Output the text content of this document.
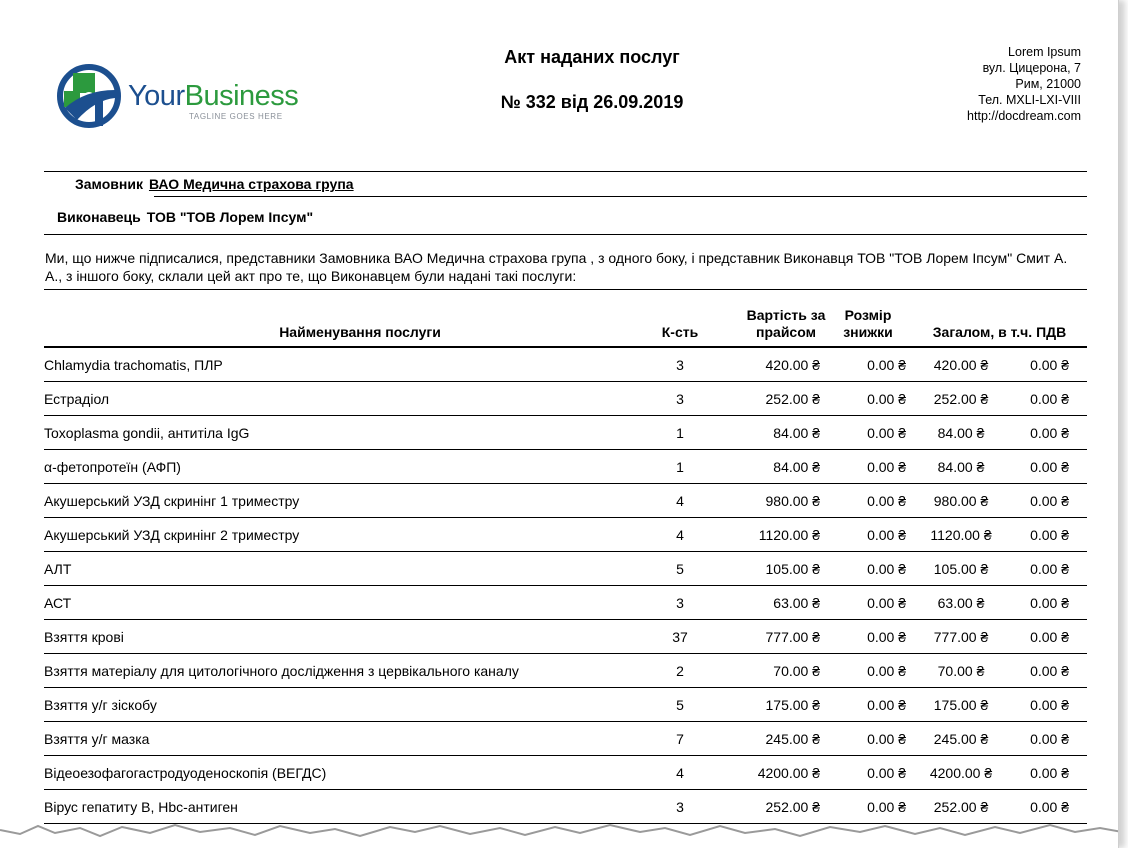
YourBusiness
TAGLINE GOES HERE
Акт наданих послуг
№ 332 від 26.09.2019
Lorem Ipsum
вул. Цицерона, 7
Рим, 21000
Тел. MXLI-LXI-VIII
http://docdream.com
Замовник ВАО Медична страхова група
Виконавець ТОВ "ТОВ Лорем Іпсум"
Ми, що нижче підписалися, представники Замовника ВАО Медична страхова група , з одного боку, і представник Виконавця ТОВ "ТОВ Лорем Іпсум" Смит А. А., з іншого боку, склали цей акт про те, що Виконавцем були надані такі послуги:
Найменування послуги	К-сть	Вартість за прайсом	Розмір знижки	Загалом, в т.ч. ПДВ	
Chlamydia trachomatis, ПЛР	3	420.00 ₴	0.00 ₴	420.00 ₴	0.00 ₴
Естрадіол	3	252.00 ₴	0.00 ₴	252.00 ₴	0.00 ₴
Toxoplasma gondii, антитіла IgG	1	84.00 ₴	0.00 ₴	84.00 ₴	0.00 ₴
α-фетопротеїн (АФП)	1	84.00 ₴	0.00 ₴	84.00 ₴	0.00 ₴
Акушерський УЗД скринінг 1 триместру	4	980.00 ₴	0.00 ₴	980.00 ₴	0.00 ₴
Акушерський УЗД скринінг 2 триместру	4	1120.00 ₴	0.00 ₴	1120.00 ₴	0.00 ₴
АЛТ	5	105.00 ₴	0.00 ₴	105.00 ₴	0.00 ₴
АСТ	3	63.00 ₴	0.00 ₴	63.00 ₴	0.00 ₴
Взяття крові	37	777.00 ₴	0.00 ₴	777.00 ₴	0.00 ₴
Взяття матеріалу для цитологічного дослідження з цервікального каналу	2	70.00 ₴	0.00 ₴	70.00 ₴	0.00 ₴
Взяття у/г зіскобу	5	175.00 ₴	0.00 ₴	175.00 ₴	0.00 ₴
Взяття у/г мазка	7	245.00 ₴	0.00 ₴	245.00 ₴	0.00 ₴
Відеоезофагогастродуоденоскопія (ВЕГДС)	4	4200.00 ₴	0.00 ₴	4200.00 ₴	0.00 ₴
Вірус гепатиту В, Hbc-антиген	3	252.00 ₴	0.00 ₴	252.00 ₴	0.00 ₴
